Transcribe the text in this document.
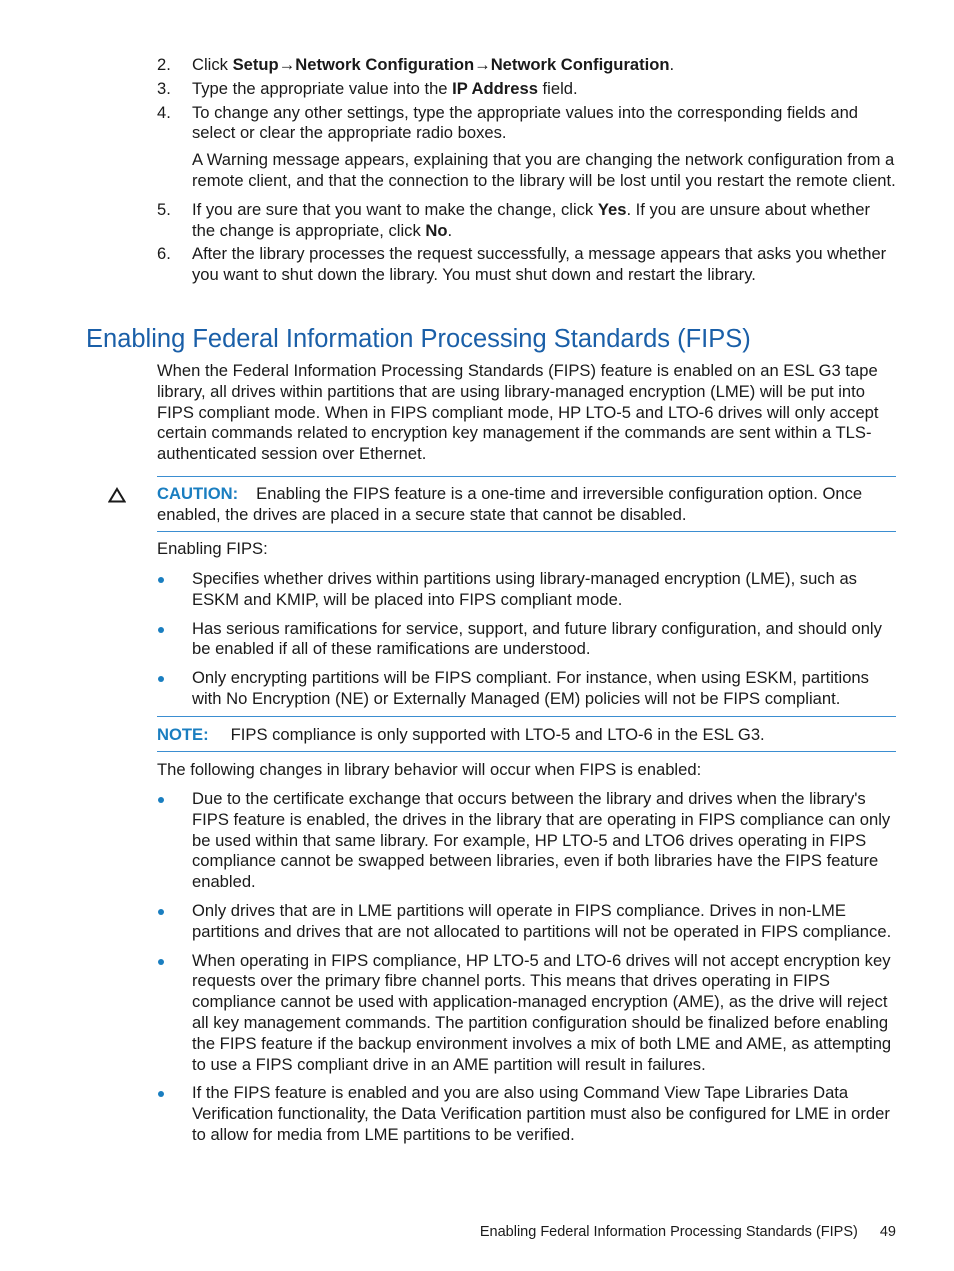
2. Click Setup→Network Configuration→Network Configuration.
3. Type the appropriate value into the IP Address field.
4. To change any other settings, type the appropriate values into the corresponding fields and select or clear the appropriate radio boxes.
A Warning message appears, explaining that you are changing the network configuration from a remote client, and that the connection to the library will be lost until you restart the remote client.
5. If you are sure that you want to make the change, click Yes. If you are unsure about whether the change is appropriate, click No.
6. After the library processes the request successfully, a message appears that asks you whether you want to shut down the library. You must shut down and restart the library.
Enabling Federal Information Processing Standards (FIPS)

When the Federal Information Processing Standards (FIPS) feature is enabled on an ESL G3 tape library, all drives within partitions that are using library-managed encryption (LME) will be put into FIPS compliant mode. When in FIPS compliant mode, HP LTO-5 and LTO-6 drives will only accept certain commands related to encryption key management if the commands are sent within a TLS-authenticated session over Ethernet.

CAUTION: Enabling the FIPS feature is a one-time and irreversible configuration option. Once enabled, the drives are placed in a secure state that cannot be disabled.

Enabling FIPS:

Specifies whether drives within partitions using library-managed encryption (LME), such as ESKM and KMIP, will be placed into FIPS compliant mode.
Has serious ramifications for service, support, and future library configuration, and should only be enabled if all of these ramifications are understood.
Only encrypting partitions will be FIPS compliant. For instance, when using ESKM, partitions with No Encryption (NE) or Externally Managed (EM) policies will not be FIPS compliant.

NOTE: FIPS compliance is only supported with LTO-5 and LTO-6 in the ESL G3.

The following changes in library behavior will occur when FIPS is enabled:

Due to the certificate exchange that occurs between the library and drives when the library's FIPS feature is enabled, the drives in the library that are operating in FIPS compliance can only be used within that same library. For example, HP LTO-5 and LTO6 drives operating in FIPS compliance cannot be swapped between libraries, even if both libraries have the FIPS feature enabled.
Only drives that are in LME partitions will operate in FIPS compliance. Drives in non-LME partitions and drives that are not allocated to partitions will not be operated in FIPS compliance.
When operating in FIPS compliance, HP LTO-5 and LTO-6 drives will not accept encryption key requests over the primary fibre channel ports. This means that drives operating in FIPS compliance cannot be used with application-managed encryption (AME), as the drive will reject all key management commands. The partition configuration should be finalized before enabling the FIPS feature if the backup environment involves a mix of both LME and AME, as attempting to use a FIPS compliant drive in an AME partition will result in failures.
If the FIPS feature is enabled and you are also using Command View Tape Libraries Data Verification functionality, the Data Verification partition must also be configured for LME in order to allow for media from LME partitions to be verified.
Enabling Federal Information Processing Standards (FIPS) 49
